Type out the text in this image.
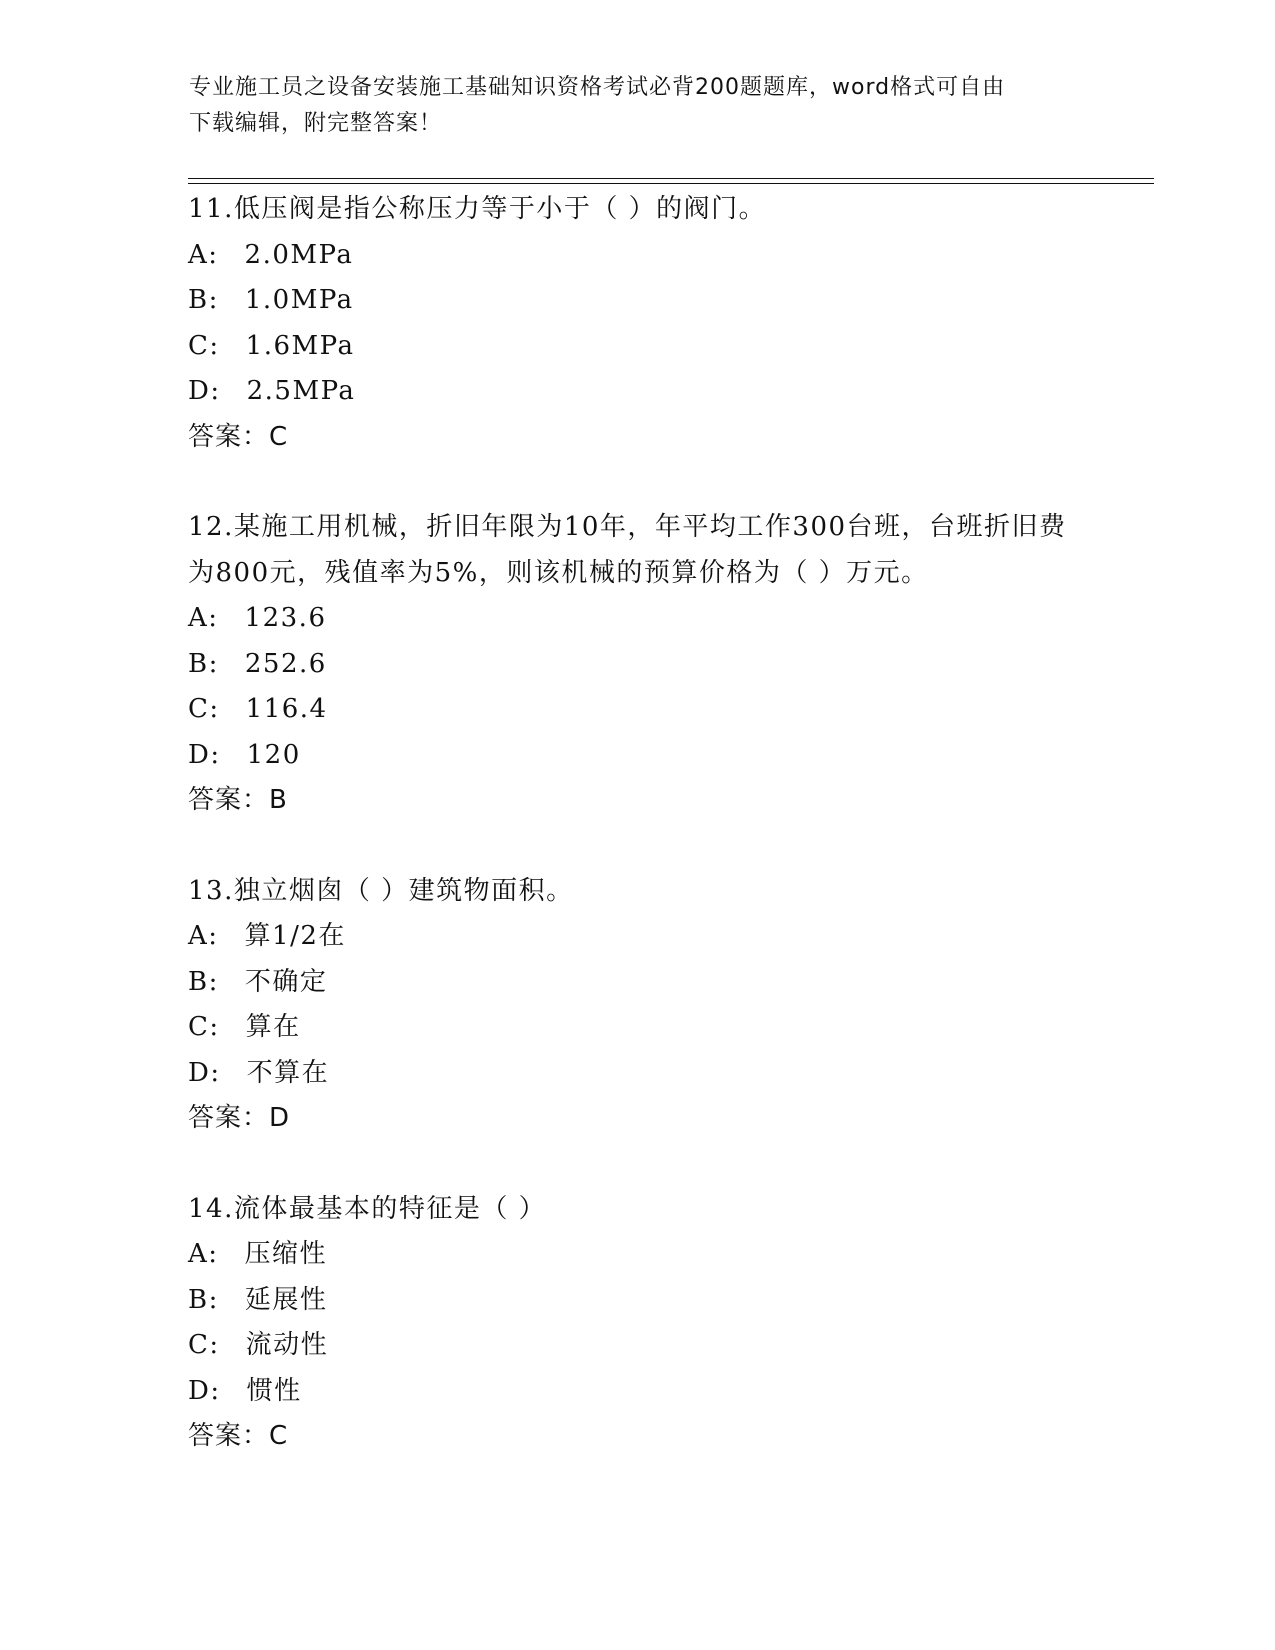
专业施工员之设备安装施工基础知识资格考试必背200题题库，word格式可自由
下载编辑，附完整答案！
11.低压阀是指公称压力等于小于（ ）的阀门。
A: 2.0MPa
B: 1.0MPa
C: 1.6MPa
D: 2.5MPa
答案：C
12.某施工用机械，折旧年限为10年，年平均工作300台班，台班折旧费为800元，残值率为5%，则该机械的预算价格为（ ）万元。
A: 123.6
B: 252.6
C: 116.4
D: 120
答案：B
13.独立烟囱（ ）建筑物面积。
A: 算1/2在
B: 不确定
C: 算在
D: 不算在
答案：D
14.流体最基本的特征是（ ）
A: 压缩性
B: 延展性
C: 流动性
D: 惯性
答案：C
